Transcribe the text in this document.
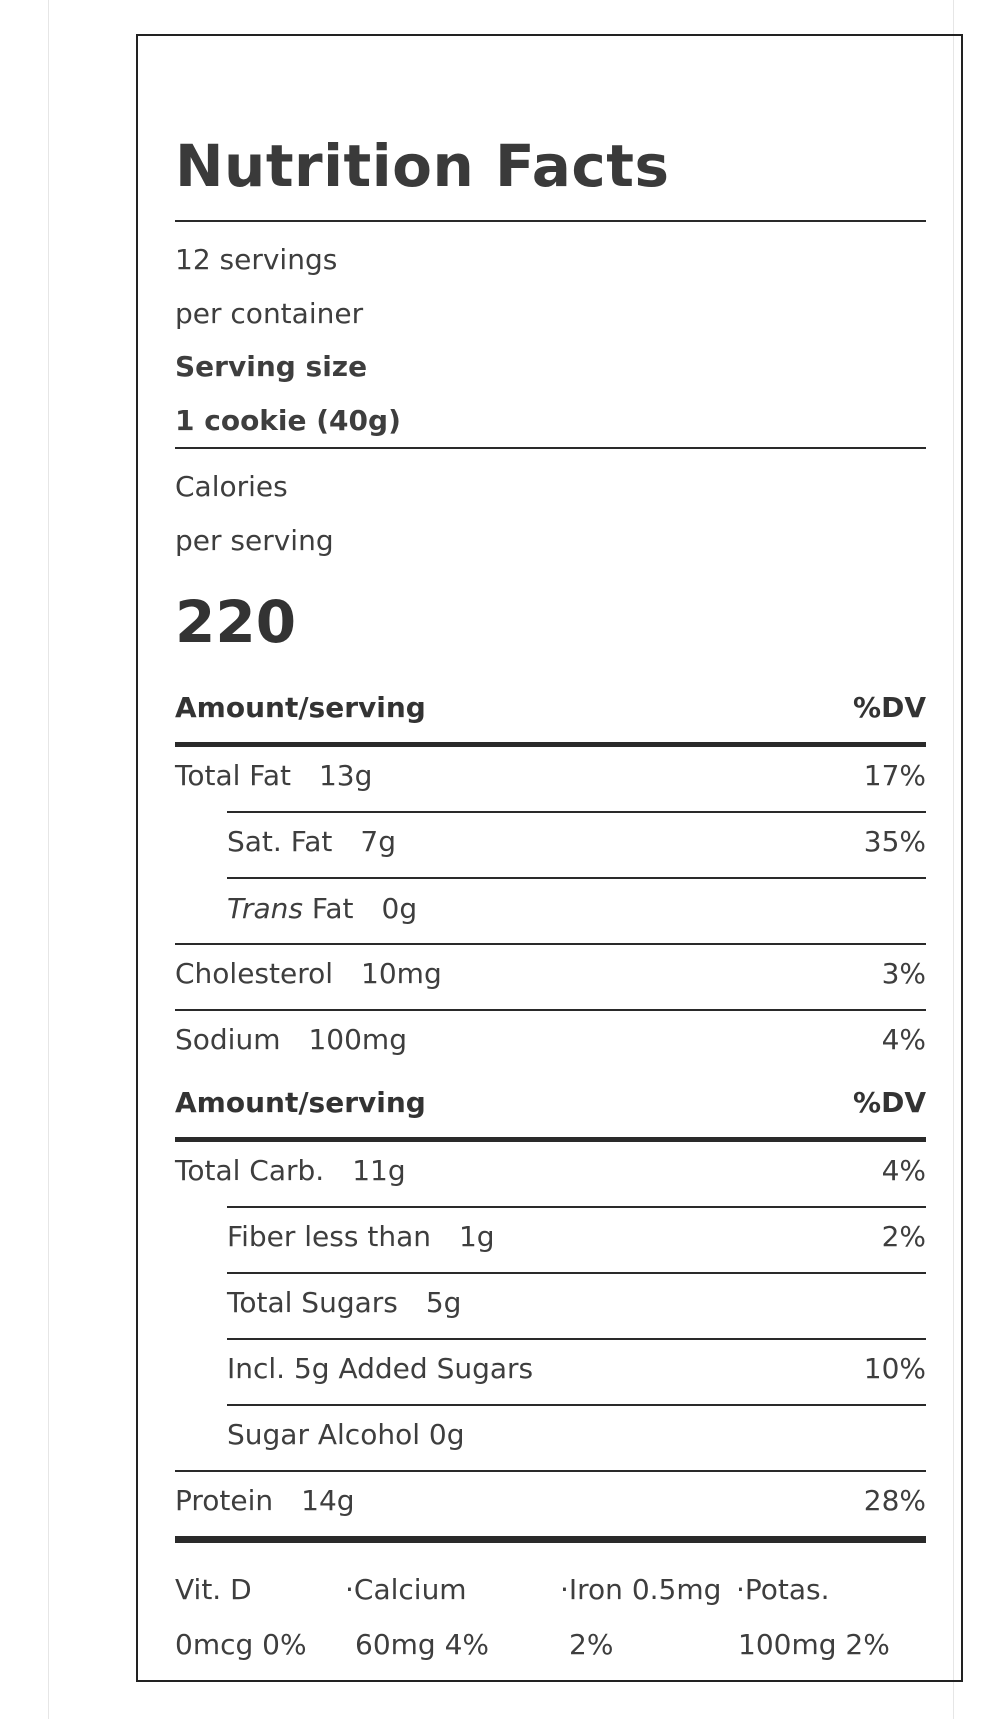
Nutrition Facts
12 servings
per container
Serving size
1 cookie (40g)
Calories
per serving
220
Amount/serving	%DV
Total Fat 13g	17%
Sat. Fat 7g	35%
Trans Fat 0g
Cholesterol 10mg	3%
Sodium 100mg	4%
Amount/serving	%DV
Total Carb. 11g	4%
Fiber less than 1g	2%
Total Sugars 5g
Incl. 5g Added Sugars	10%
Sugar Alcohol 0g
Protein 14g	28%
Vit. D
0mcg 0%
·Calcium
60mg 4%
·Iron 0.5mg
2%
·Potas.
100mg 2%
